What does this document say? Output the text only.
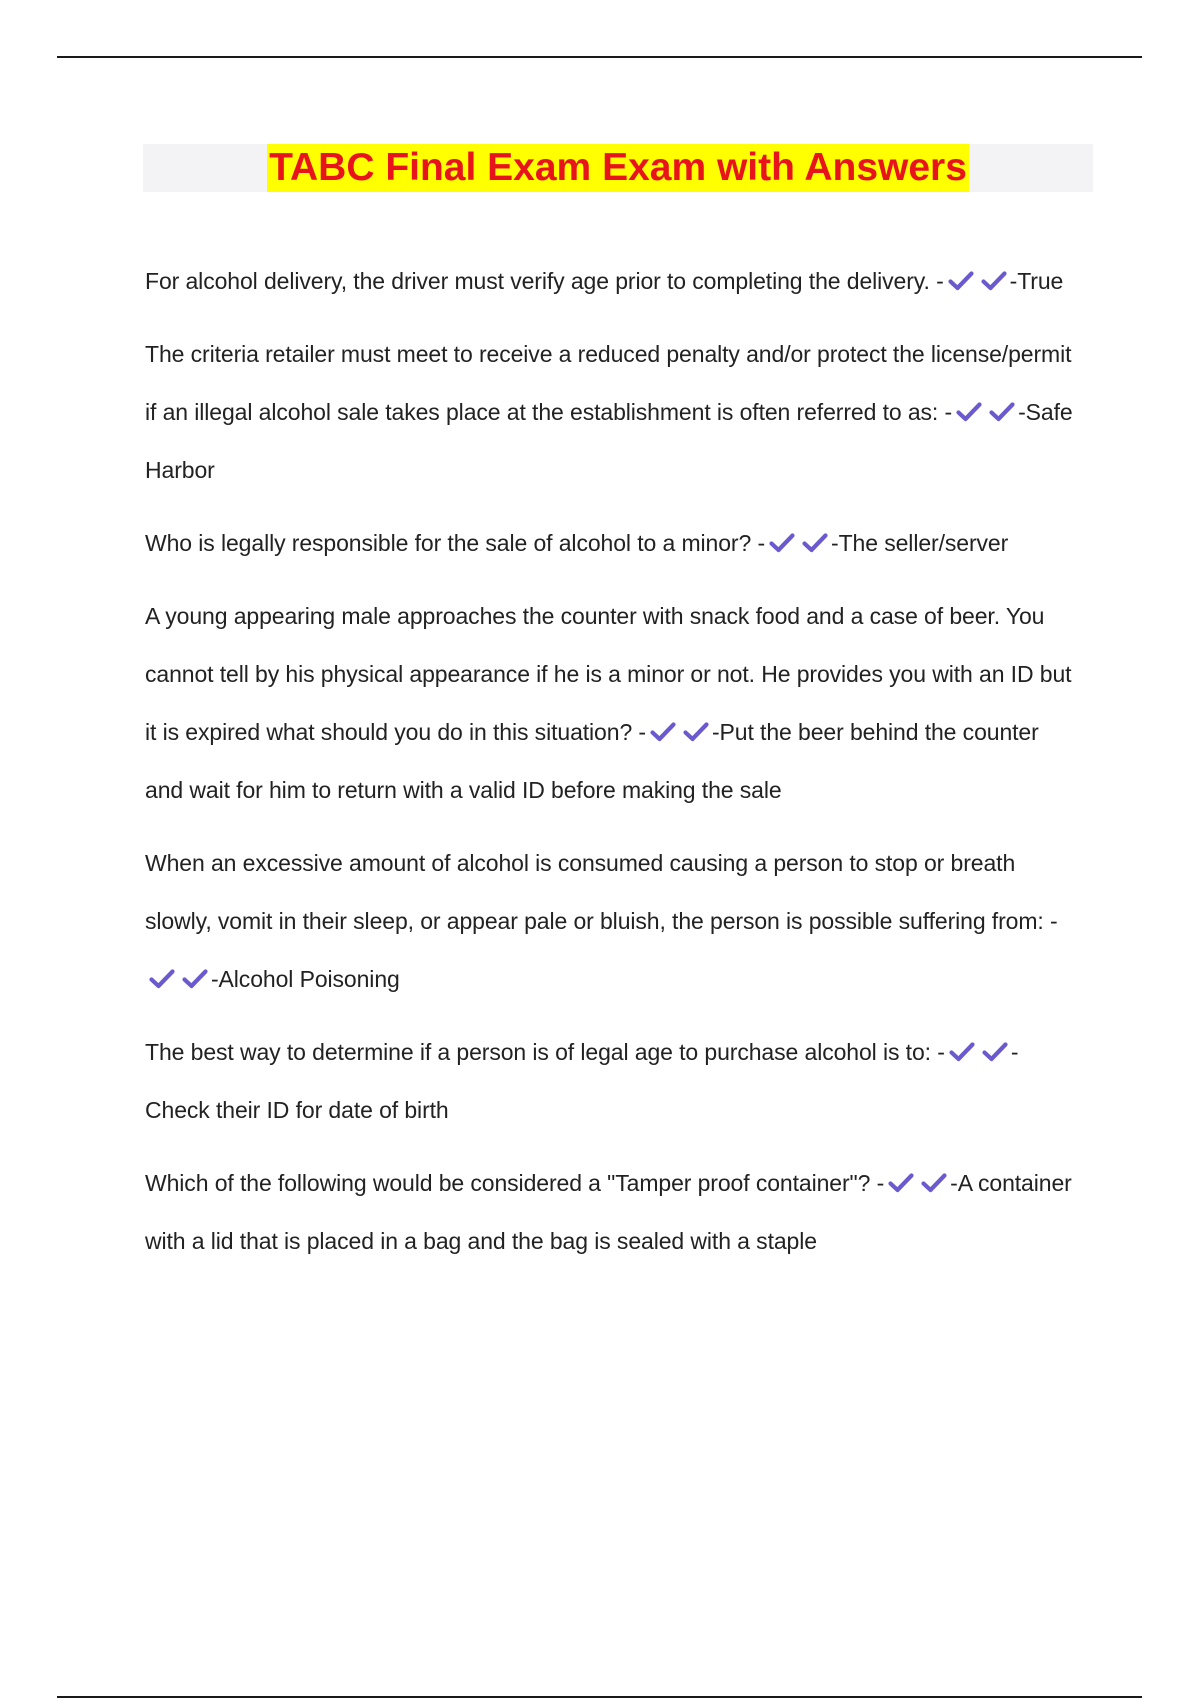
TABC Final Exam Exam with Answers

For alcohol delivery, the driver must verify age prior to completing the delivery. -	-True

The criteria retailer must meet to receive a reduced penalty and/or protect the license/permit if an illegal alcohol sale takes place at the establishment is often referred to as: -	-Safe Harbor

Who is legally responsible for the sale of alcohol to a minor? -	-The seller/server

A young appearing male approaches the counter with snack food and a case of beer. You cannot tell by his physical appearance if he is a minor or not. He provides you with an ID but it is expired what should you do in this situation? -	-Put the beer behind the counter and wait for him to return with a valid ID before making the sale

When an excessive amount of alcohol is consumed causing a person to stop or breath slowly, vomit in their sleep, or appear pale or bluish, the person is possible suffering from: -
-Alcohol Poisoning

The best way to determine if a person is of legal age to purchase alcohol is to: -	-Check their ID for date of birth

Which of the following would be considered a "Tamper proof container"? -	-A container with a lid that is placed in a bag and the bag is sealed with a staple
